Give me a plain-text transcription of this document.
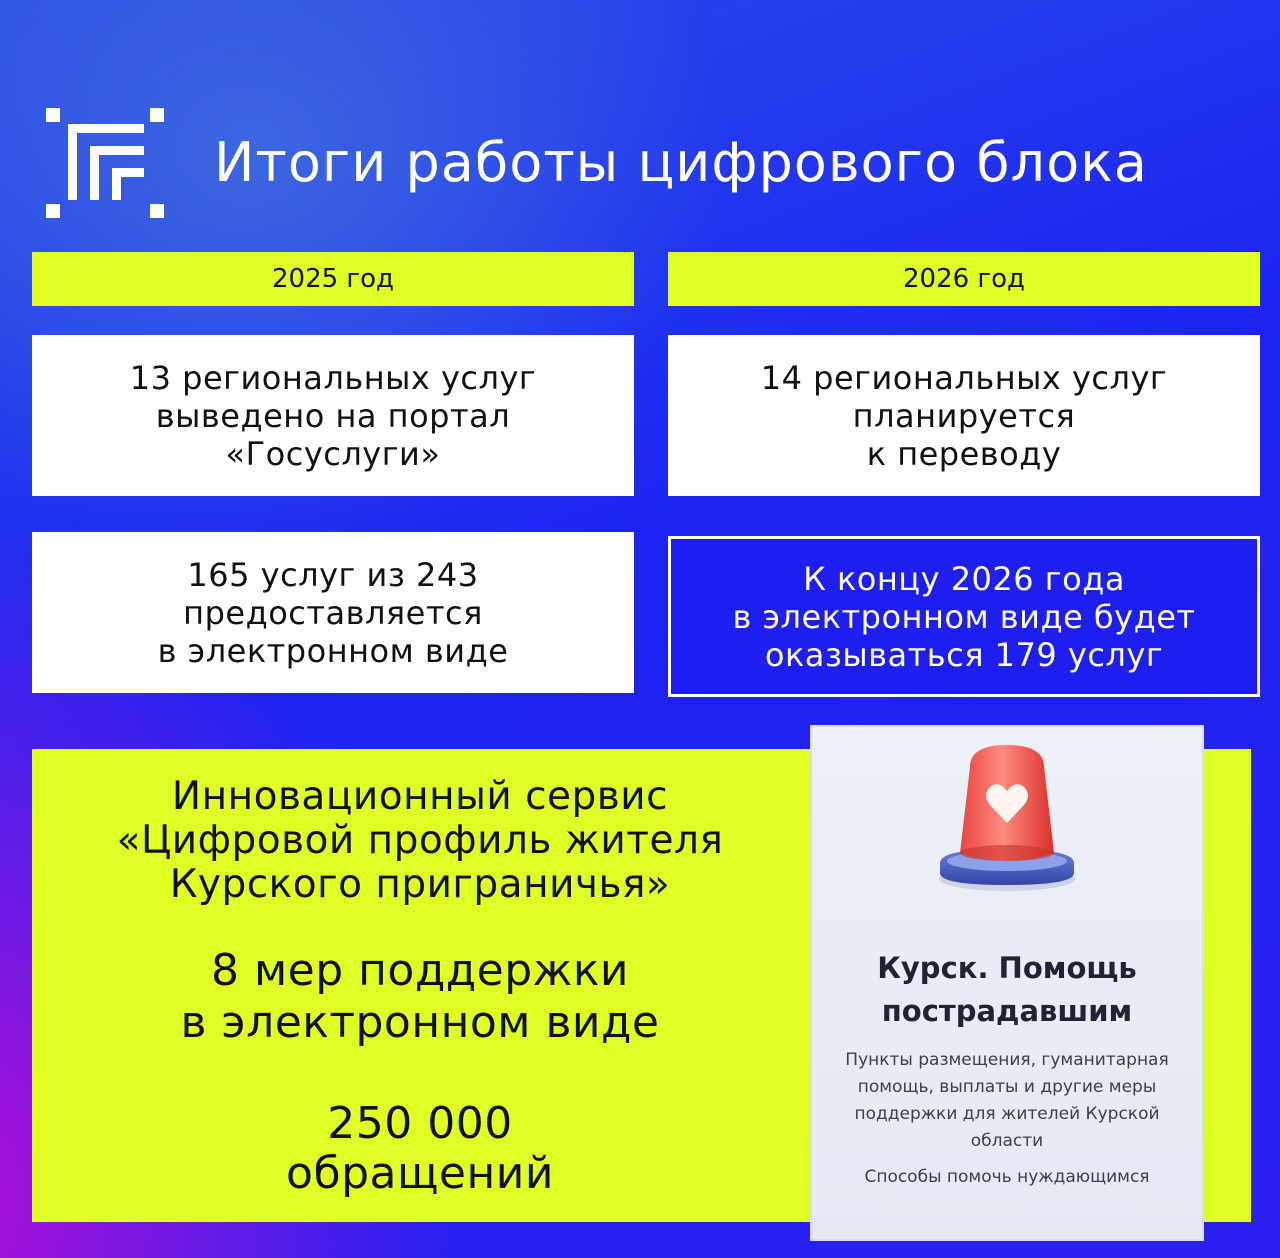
Итоги работы цифрового блока
2025 год	2026 год
13 региональных услуг
выведено на портал
«Госуслуги»
14 региональных услуг
планируется
к переводу
165 услуг из 243
предоставляется
в электронном виде
К концу 2026 года
в электронном виде будет
оказываться 179 услуг
Инновационный сервис
«Цифровой профиль жителя
Курского приграничья»
8 мер поддержки
в электронном виде
250 000
обращений
Курск. Помощь
пострадавшим
Пункты размещения, гуманитарная помощь, выплаты и другие меры поддержки для жителей Курской области
Способы помочь нуждающимся
